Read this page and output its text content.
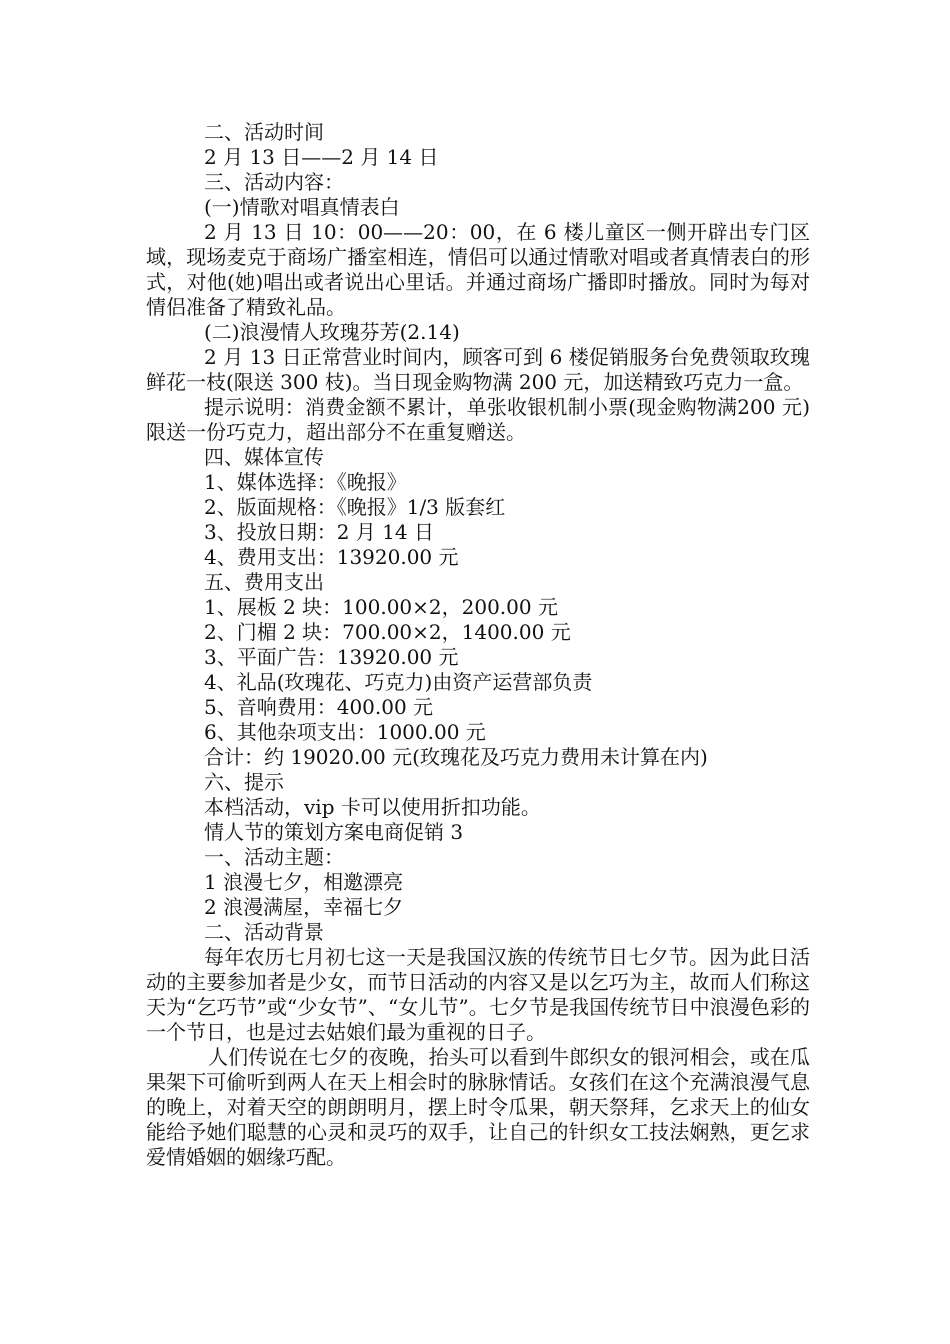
二、活动时间
2 月 13 日——2 月 14 日
三、活动内容：
(一)情歌对唱真情表白
2 月 13 日 10：00——20：00，在 6 楼儿童区一侧开辟出专门区域，现场麦克于商场广播室相连，情侣可以通过情歌对唱或者真情表白的形式，对他(她)唱出或者说出心里话。并通过商场广播即时播放。同时为每对情侣准备了精致礼品。
(二)浪漫情人玫瑰芬芳(2.14)
2 月 13 日正常营业时间内，顾客可到 6 楼促销服务台免费领取玫瑰鲜花一枝(限送 300 枝)。当日现金购物满 200 元，加送精致巧克力一盒。
提示说明：消费金额不累计，单张收银机制小票(现金购物满200 元)限送一份巧克力，超出部分不在重复赠送。
四、媒体宣传
1、媒体选择：《晚报》
2、版面规格：《晚报》1/3 版套红
3、投放日期：2 月 14 日
4、费用支出：13920.00 元
五、费用支出
1、展板 2 块：100.00×2，200.00 元
2、门楣 2 块：700.00×2，1400.00 元
3、平面广告：13920.00 元
4、礼品(玫瑰花、巧克力)由资产运营部负责
5、音响费用：400.00 元
6、其他杂项支出：1000.00 元
合计：约 19020.00 元(玫瑰花及巧克力费用未计算在内)
六、提示
本档活动，vip 卡可以使用折扣功能。
情人节的策划方案电商促销 3
一、活动主题：
1 浪漫七夕，相邀漂亮
2 浪漫满屋，幸福七夕
二、活动背景
每年农历七月初七这一天是我国汉族的传统节日七夕节。因为此日活动的主要参加者是少女，而节日活动的内容又是以乞巧为主，故而人们称这天为“乞巧节”或“少女节”、“女儿节”。七夕节是我国传统节日中浪漫色彩的一个节日，也是过去姑娘们最为重视的日子。
人们传说在七夕的夜晚，抬头可以看到牛郎织女的银河相会，或在瓜果架下可偷听到两人在天上相会时的脉脉情话。女孩们在这个充满浪漫气息的晚上，对着天空的朗朗明月，摆上时令瓜果，朝天祭拜，乞求天上的仙女能给予她们聪慧的心灵和灵巧的双手，让自己的针织女工技法娴熟，更乞求爱情婚姻的姻缘巧配。
